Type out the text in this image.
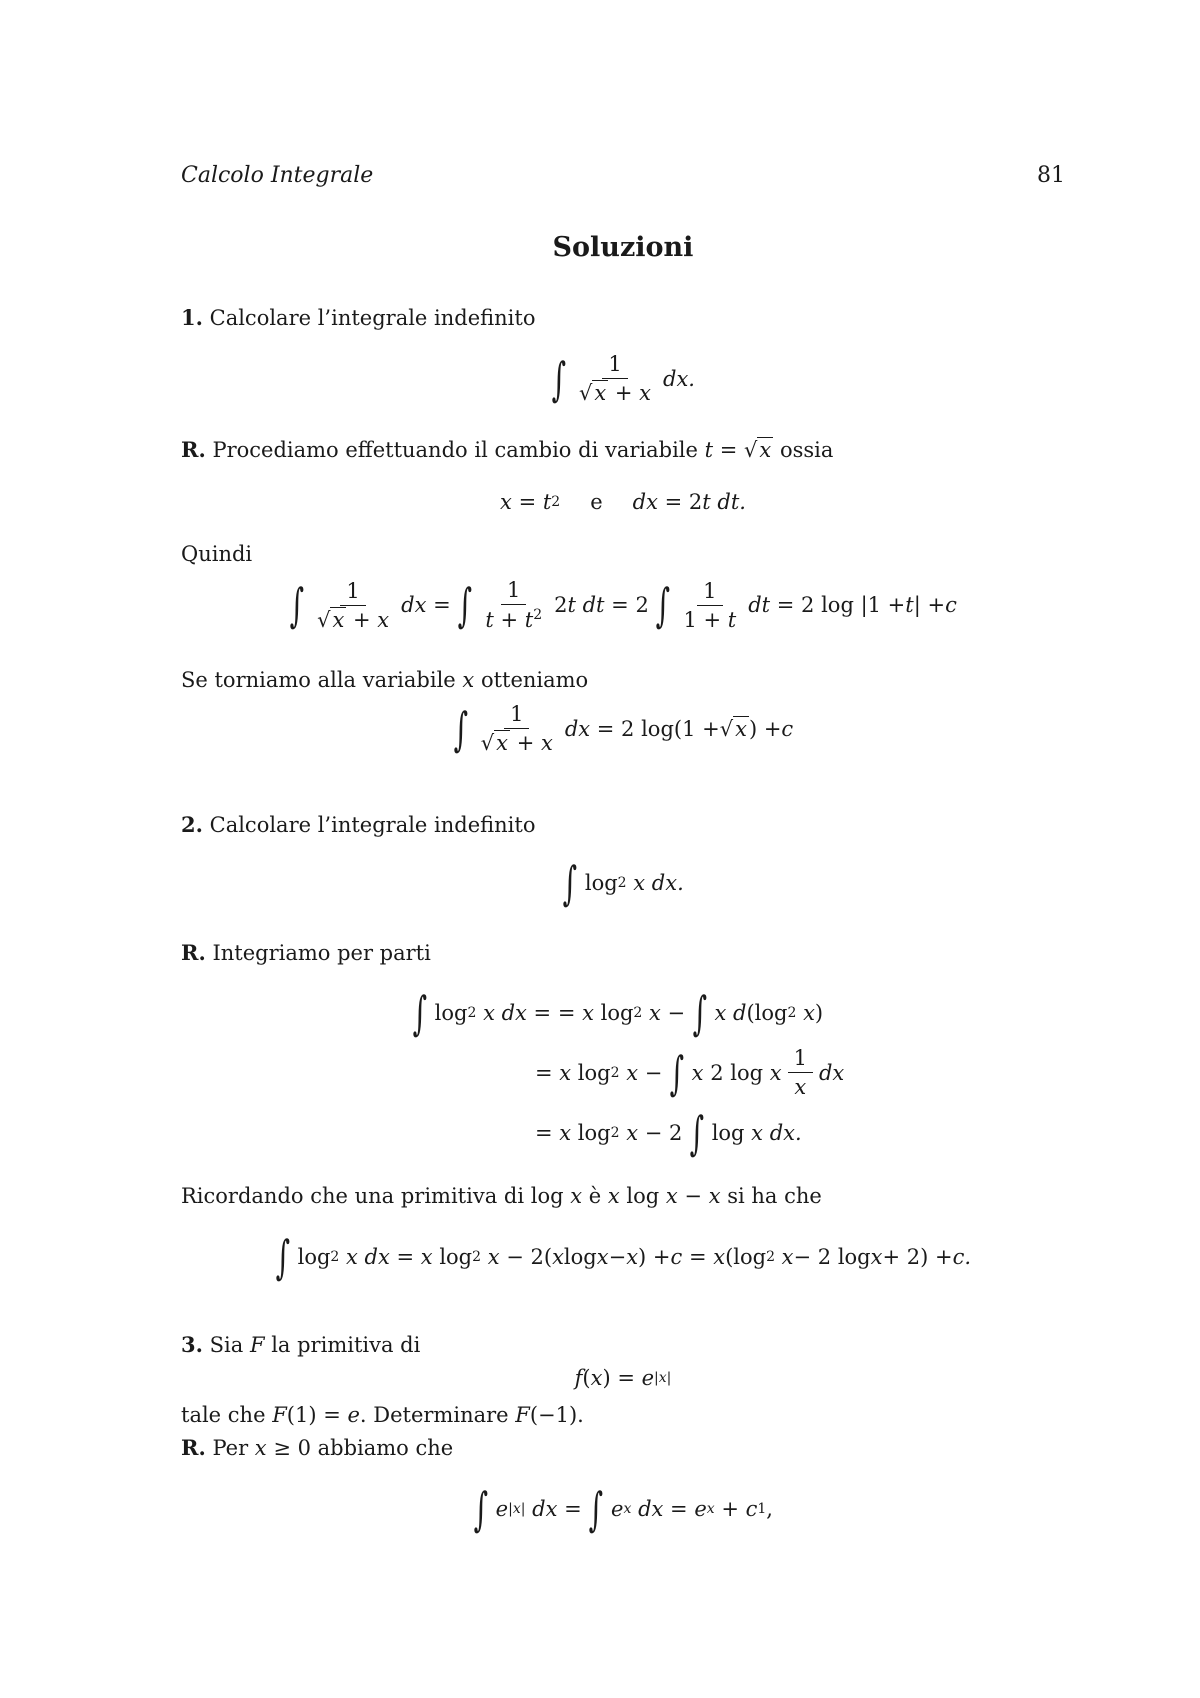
Calcolo Integrale	81
Soluzioni
1. Calcolare l’integrale indefinito
∫ $\frac{1}{√x + x}$ dx.
R. Procediamo effettuando il cambio di variabile t = √x ossia
x = t 2 e dx = 2 t dt.
Quindi
∫ $\frac{1}{√x + x}$ dx = ∫ $\frac{1}{t + t^2} 2$ t dt = 2 ∫ $\frac{1}{1 + t}$ dt = 2 log |1 + t | + c
Se torniamo alla variabile x otteniamo
∫ $\frac{1}{√x + x}$ dx = 2 log(1 + √x ) + c
2. Calcolare l’integrale indefinito
∫ log 2
x dx.
R. Integriamo per parti
∫ log 2
x dx = = x log 2
x − ∫
x d (log 2
x )
= x log 2
x − ∫
x 2 log x $\frac{1}{x}$ dx
= x log 2
x − 2 ∫ log x dx.
Ricordando che una primitiva di log x è x log x − x si ha che
∫ log 2
x dx = x log 2
x − 2( x log x − x ) + c = x (log 2
x − 2 log x + 2) + c.
3. Sia F la primitiva di
f ( x ) = e |x|
tale che F(1) = e. Determinare F(−1).
R. Per x ≥ 0 abbiamo che
∫
e |x|
dx = ∫
e x
dx = e x + c 1 ,
